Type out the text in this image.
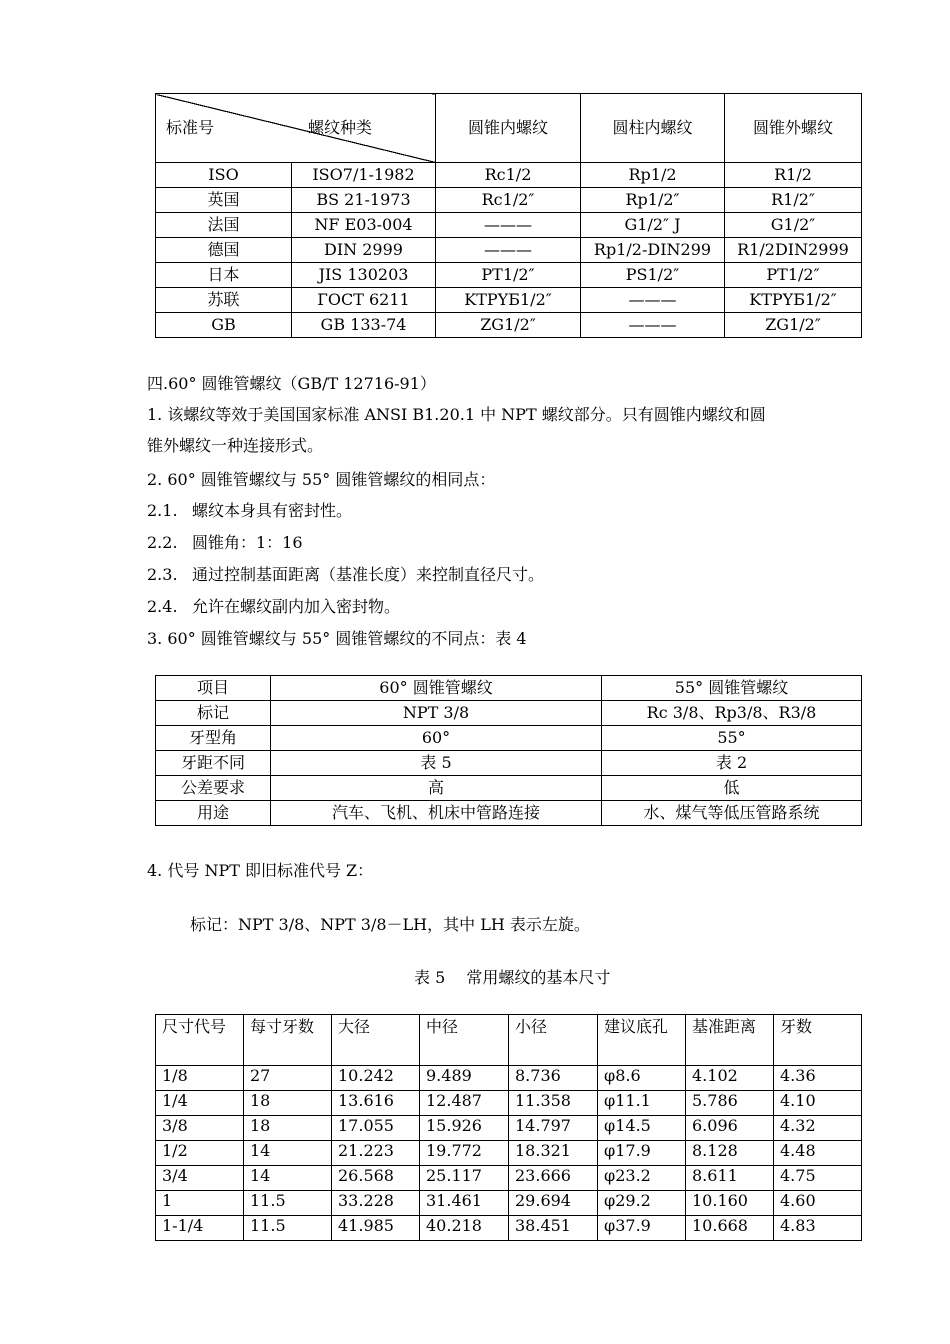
标准号 螺纹种类		圆锥内螺纹	圆柱内螺纹	圆锥外螺纹
ISO	ISO7/1-1982	Rc1/2	Rp1/2	R1/2
英国	BS 21-1973	Rc1/2″	Rp1/2″	R1/2″
法国	NF E03-004	———	G1/2″ J	G1/2″
德国	DIN 2999	———	Rp1/2-DIN299	R1/2DIN2999
日本	JIS 130203	PT1/2″	PS1/2″	PT1/2″
苏联	ГOCT 6211	KTPYБ1/2″	———	KTPYБ1/2″
GB	GB 133-74	ZG1/2″	———	ZG1/2″
四.60° 圆锥管螺纹（GB/T 12716-91）
1. 该螺纹等效于美国国家标准 ANSI B1.20.1 中 NPT 螺纹部分。只有圆锥内螺纹和圆
锥外螺纹一种连接形式。
2. 60° 圆锥管螺纹与 55° 圆锥管螺纹的相同点：
2.1. 螺纹本身具有密封性。
2.2. 圆锥角：1：16
2.3. 通过控制基面距离（基准长度）来控制直径尺寸。
2.4. 允许在螺纹副内加入密封物。
3. 60° 圆锥管螺纹与 55° 圆锥管螺纹的不同点：表 4
项目	60° 圆锥管螺纹	55° 圆锥管螺纹
标记	NPT 3/8	Rc 3/8、Rp3/8、R3/8
牙型角	60°	55°
牙距不同	表 5	表 2
公差要求	高	低
用途	汽车、飞机、机床中管路连接	水、煤气等低压管路系统
4. 代号 NPT 即旧标准代号 Z：
标记：NPT 3/8、NPT 3/8－LH，其中 LH 表示左旋。
表 5　 常用螺纹的基本尺寸
尺寸代号	每寸牙数	大径	中径	小径	建议底孔	基准距离	牙数
1/8	27	10.242	9.489	8.736	φ8.6	4.102	4.36
1/4	18	13.616	12.487	11.358	φ11.1	5.786	4.10
3/8	18	17.055	15.926	14.797	φ14.5	6.096	4.32
1/2	14	21.223	19.772	18.321	φ17.9	8.128	4.48
3/4	14	26.568	25.117	23.666	φ23.2	8.611	4.75
1	11.5	33.228	31.461	29.694	φ29.2	10.160	4.60
1-1/4	11.5	41.985	40.218	38.451	φ37.9	10.668	4.83
